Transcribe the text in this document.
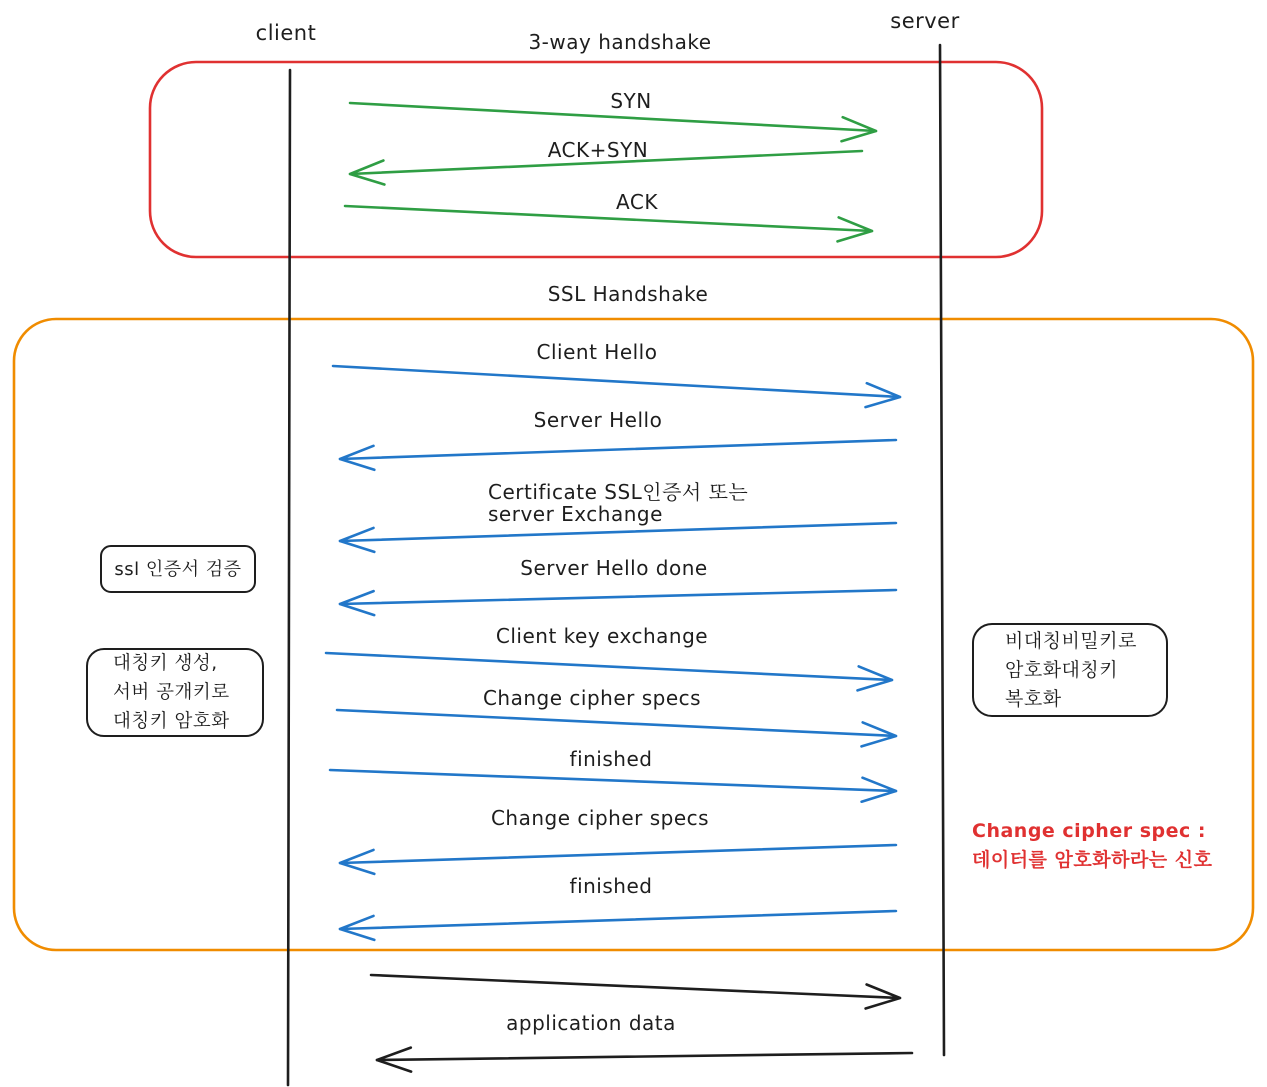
client	server
3-way handshake
SSL Handshake
SYN
ACK+SYN
ACK
Client Hello
Server Hello
Certificate SSL인증서 또는
server Exchange
Server Hello done
Client key exchange
Change cipher specs
finished
Change cipher specs
finished
application data
ssl 인증서 검증
대칭키 생성,
서버 공개키로
대칭키 암호화
비대칭비밀키로
암호화대칭키
복호화
Change cipher spec :
데이터를 암호화하라는 신호
